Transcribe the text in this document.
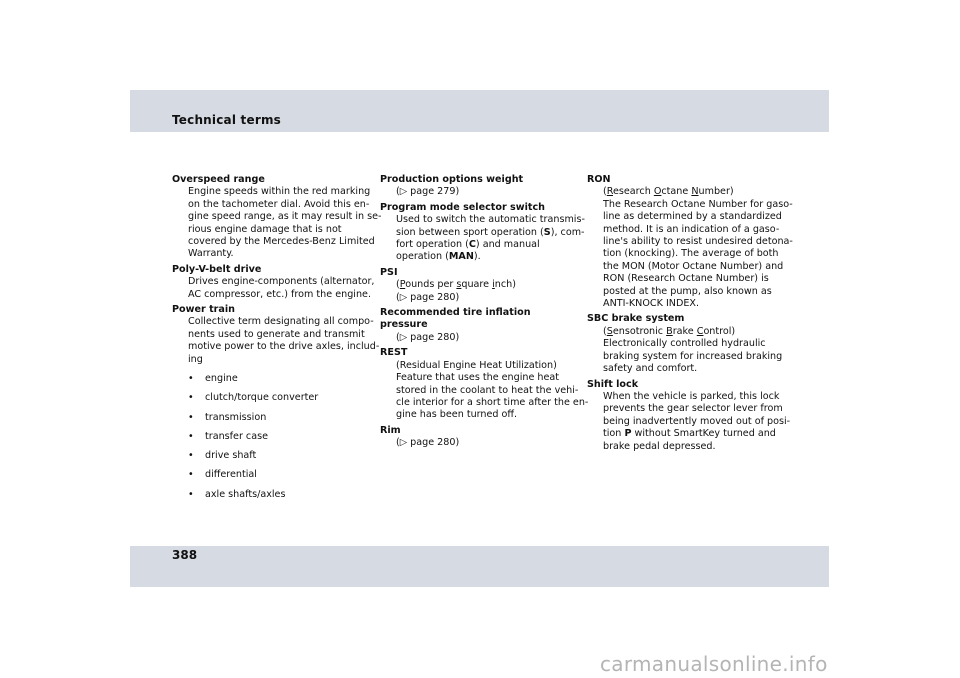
Technical terms
Overspeed range
Engine speeds within the red marking
on the tachometer dial. Avoid this en-
gine speed range, as it may result in se-
rious engine damage that is not
covered by the Mercedes-Benz Limited
Warranty.
Poly-V-belt drive
Drives engine-components (alternator,
AC compressor, etc.) from the engine.
Power train
Collective term designating all compo-
nents used to generate and transmit
motive power to the drive axles, includ-
ing
• engine
• clutch/torque converter
• transmission
• transfer case
• drive shaft
• differential
• axle shafts/axles
Production options weight
(▷ page 279)
Program mode selector switch
Used to switch the automatic transmis-
sion between sport operation (S), com-
fort operation (C) and manual
operation (MAN).
PSI
(Pounds per square inch)
(▷ page 280)
Recommended tire inflation pressure
(▷ page 280)
REST
(Residual Engine Heat Utilization)
Feature that uses the engine heat
stored in the coolant to heat the vehi-
cle interior for a short time after the en-
gine has been turned off.
Rim
(▷ page 280)
RON
(Research Octane Number)
The Research Octane Number for gaso-
line as determined by a standardized
method. It is an indication of a gaso-
line's ability to resist undesired detona-
tion (knocking). The average of both
the MON (Motor Octane Number) and
RON (Research Octane Number) is
posted at the pump, also known as
ANTI-KNOCK INDEX.
SBC brake system
(Sensotronic Brake Control)
Electronically controlled hydraulic
braking system for increased braking
safety and comfort.
Shift lock
When the vehicle is parked, this lock
prevents the gear selector lever from
being inadvertently moved out of posi-
tion P without SmartKey turned and
brake pedal depressed.
388
carmanualsonline.info
